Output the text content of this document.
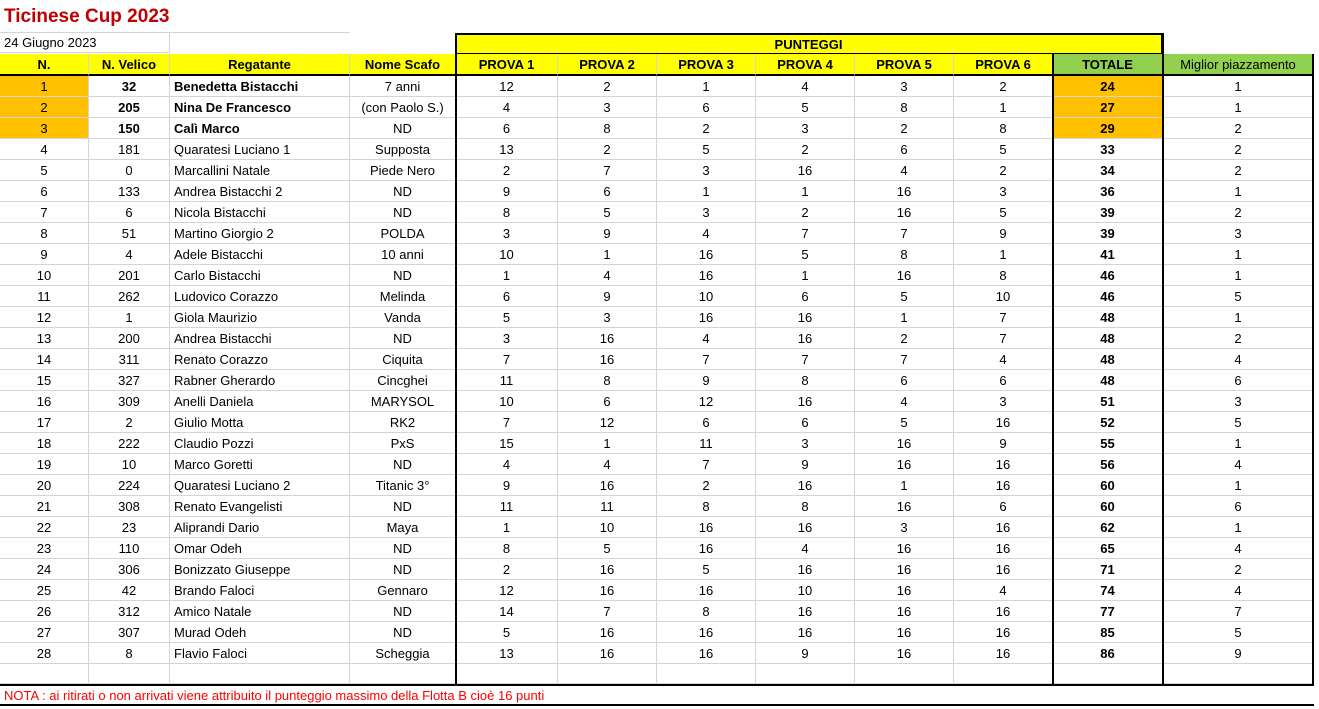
Ticinese Cup 2023
24 Giugno 2023	PUNTEGGI
N.	N. Velico	Regatante	Nome Scafo	PROVA 1	PROVA 2	PROVA 3	PROVA 4	PROVA 5	PROVA 6	TOTALE	Miglior piazzamento
1	32	Benedetta Bistacchi	7 anni	12	2	1	4	3	2	24	1
2	205	Nina De Francesco	(con Paolo S.)	4	3	6	5	8	1	27	1
3	150	Calì Marco	ND	6	8	2	3	2	8	29	2
4	181	Quaratesi Luciano 1	Supposta	13	2	5	2	6	5	33	2
5	0	Marcallini Natale	Piede Nero	2	7	3	16	4	2	34	2
6	133	Andrea Bistacchi 2	ND	9	6	1	1	16	3	36	1
7	6	Nicola Bistacchi	ND	8	5	3	2	16	5	39	2
8	51	Martino Giorgio 2	POLDA	3	9	4	7	7	9	39	3
9	4	Adele Bistacchi	10 anni	10	1	16	5	8	1	41	1
10	201	Carlo Bistacchi	ND	1	4	16	1	16	8	46	1
11	262	Ludovico Corazzo	Melinda	6	9	10	6	5	10	46	5
12	1	Giola Maurizio	Vanda	5	3	16	16	1	7	48	1
13	200	Andrea Bistacchi	ND	3	16	4	16	2	7	48	2
14	311	Renato Corazzo	Ciquita	7	16	7	7	7	4	48	4
15	327	Rabner Gherardo	Cincghei	11	8	9	8	6	6	48	6
16	309	Anelli Daniela	MARYSOL	10	6	12	16	4	3	51	3
17	2	Giulio Motta	RK2	7	12	6	6	5	16	52	5
18	222	Claudio Pozzi	PxS	15	1	11	3	16	9	55	1
19	10	Marco Goretti	ND	4	4	7	9	16	16	56	4
20	224	Quaratesi Luciano 2	Titanic 3°	9	16	2	16	1	16	60	1
21	308	Renato Evangelisti	ND	11	11	8	8	16	6	60	6
22	23	Aliprandi Dario	Maya	1	10	16	16	3	16	62	1
23	110	Omar Odeh	ND	8	5	16	4	16	16	65	4
24	306	Bonizzato Giuseppe	ND	2	16	5	16	16	16	71	2
25	42	Brando Faloci	Gennaro	12	16	16	10	16	4	74	4
26	312	Amico Natale	ND	14	7	8	16	16	16	77	7
27	307	Murad Odeh	ND	5	16	16	16	16	16	85	5
28	8	Flavio Faloci	Scheggia	13	16	16	9	16	16	86	9
NOTA : ai ritirati o non arrivati viene attribuito il punteggio massimo della Flotta B cioè 16 punti
